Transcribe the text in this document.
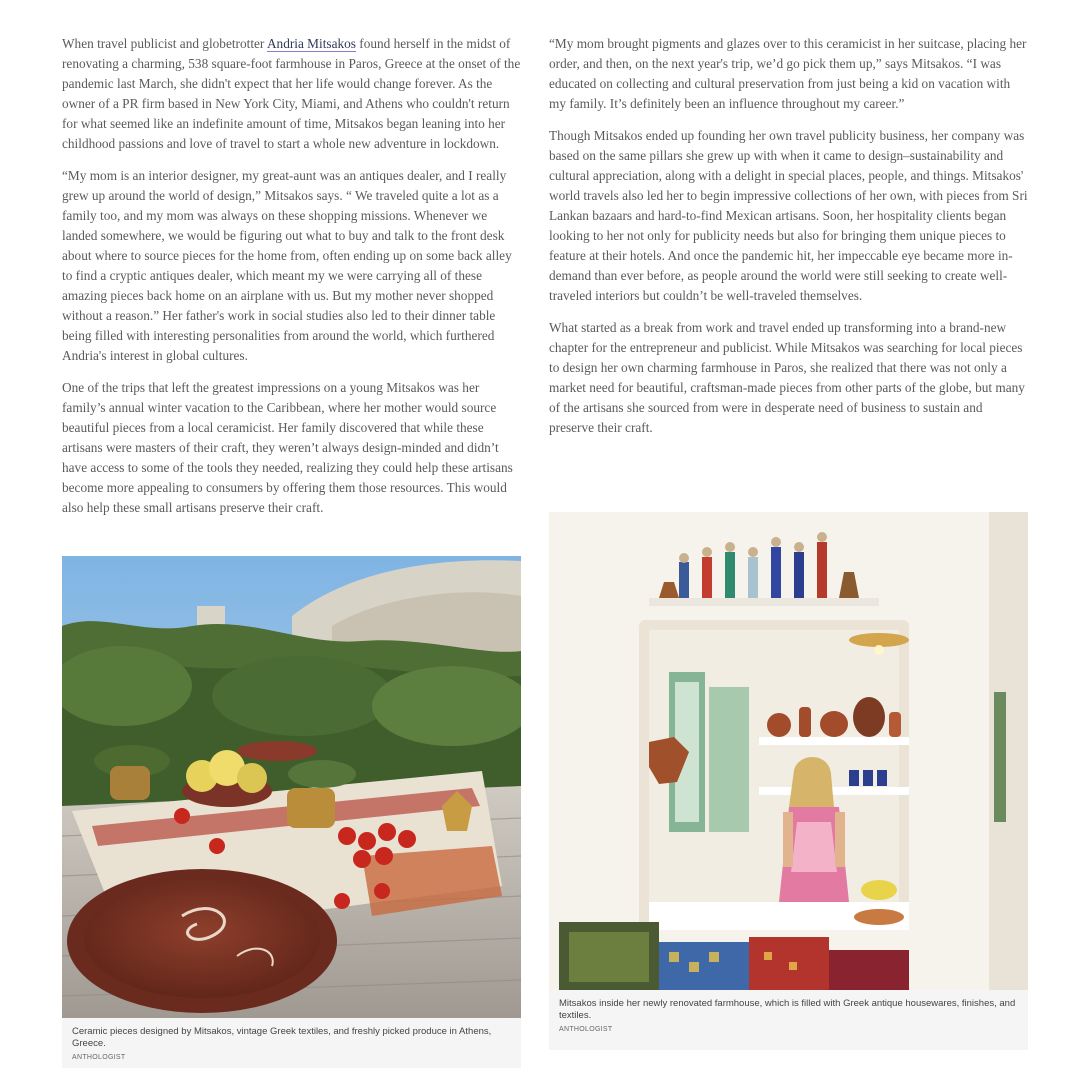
When travel publicist and globetrotter Andria Mitsakos found herself in the midst of renovating a charming, 538 square-foot farmhouse in Paros, Greece at the onset of the pandemic last March, she didn't expect that her life would change forever. As the owner of a PR firm based in New York City, Miami, and Athens who couldn't return for what seemed like an indefinite amount of time, Mitsakos began leaning into her childhood passions and love of travel to start a whole new adventure in lockdown.

“My mom is an interior designer, my great-aunt was an antiques dealer, and I really grew up around the world of design,” Mitsakos says. “ We traveled quite a lot as a family too, and my mom was always on these shopping missions. Whenever we landed somewhere, we would be figuring out what to buy and talk to the front desk about where to source pieces for the home from, often ending up on some back alley to find a cryptic antiques dealer, which meant my we were carrying all of these amazing pieces back home on an airplane with us. But my mother never shopped without a reason.” Her father's work in social studies also led to their dinner table being filled with interesting personalities from around the world, which furthered Andria's interest in global cultures.

One of the trips that left the greatest impressions on a young Mitsakos was her family’s annual winter vacation to the Caribbean, where her mother would source beautiful pieces from a local ceramicist. Her family discovered that while these artisans were masters of their craft, they weren’t always design-minded and didn’t have access to some of the tools they needed, realizing they could help these artisans become more appealing to consumers by offering them those resources. This would also help these small artisans preserve their craft.

“My mom brought pigments and glazes over to this ceramicist in her suitcase, placing her order, and then, on the next year's trip, we’d go pick them up,” says Mitsakos. “I was educated on collecting and cultural preservation from just being a kid on vacation with my family. It’s definitely been an influence throughout my career.”

Though Mitsakos ended up founding her own travel publicity business, her company was based on the same pillars she grew up with when it came to design–sustainability and cultural appreciation, along with a delight in special places, people, and things. Mitsakos' world travels also led her to begin impressive collections of her own, with pieces from Sri Lankan bazaars and hard-to-find Mexican artisans. Soon, her hospitality clients began looking to her not only for publicity needs but also for bringing them unique pieces to feature at their hotels. And once the pandemic hit, her impeccable eye became more in-demand than ever before, as people around the world were still seeking to create well-traveled interiors but couldn’t be well-traveled themselves.

What started as a break from work and travel ended up transforming into a brand-new chapter for the entrepreneur and publicist. While Mitsakos was searching for local pieces to design her own charming farmhouse in Paros, she realized that there was not only a market need for beautiful, craftsman-made pieces from other parts of the globe, but many of the artisans she sourced from were in desperate need of business to sustain and preserve their craft.

Ceramic pieces designed by Mitsakos, vintage Greek textiles, and freshly picked produce in Athens, Greece.
ANTHOLOGIST
Mitsakos inside her newly renovated farmhouse, which is filled with Greek antique housewares, finishes, and textiles.
ANTHOLOGIST
